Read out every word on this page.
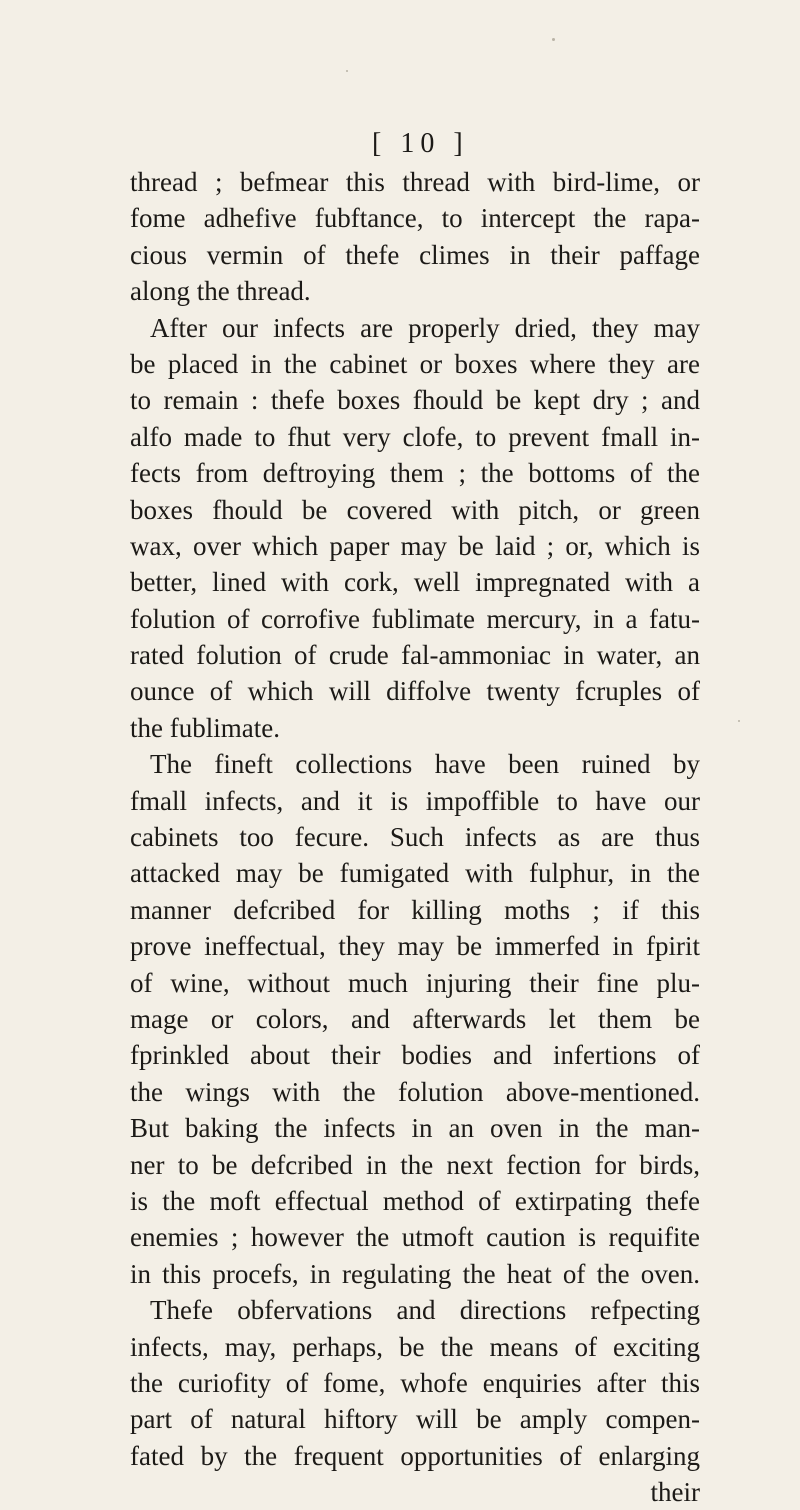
[ 10 ]
thread ; befmear this thread with bird-lime, or
fome adhefive fubftance, to intercept the rapa-
cious vermin of thefe climes in their paffage
along the thread.
After our infects are properly dried, they may
be placed in the cabinet or boxes where they are
to remain : thefe boxes fhould be kept dry ; and
alfo made to fhut very clofe, to prevent fmall in-
fects from deftroying them ; the bottoms of the
boxes fhould be covered with pitch, or green
wax, over which paper may be laid ; or, which is
better, lined with cork, well impregnated with a
folution of corrofive fublimate mercury, in a fatu-
rated folution of crude fal-ammoniac in water, an
ounce of which will diffolve twenty fcruples of
the fublimate.
The fineft collections have been ruined by
fmall infects, and it is impoffible to have our
cabinets too fecure. Such infects as are thus
attacked may be fumigated with fulphur, in the
manner defcribed for killing moths ; if this
prove ineffectual, they may be immerfed in fpirit
of wine, without much injuring their fine plu-
mage or colors, and afterwards let them be
fprinkled about their bodies and infertions of
the wings with the folution above-mentioned.
But baking the infects in an oven in the man-
ner to be defcribed in the next fection for birds,
is the moft effectual method of extirpating thefe
enemies ; however the utmoft caution is requifite
in this procefs, in regulating the heat of the oven.
Thefe obfervations and directions refpecting
infects, may, perhaps, be the means of exciting
the curiofity of fome, whofe enquiries after this
part of natural hiftory will be amply compen-
fated by the frequent opportunities of enlarging
their
